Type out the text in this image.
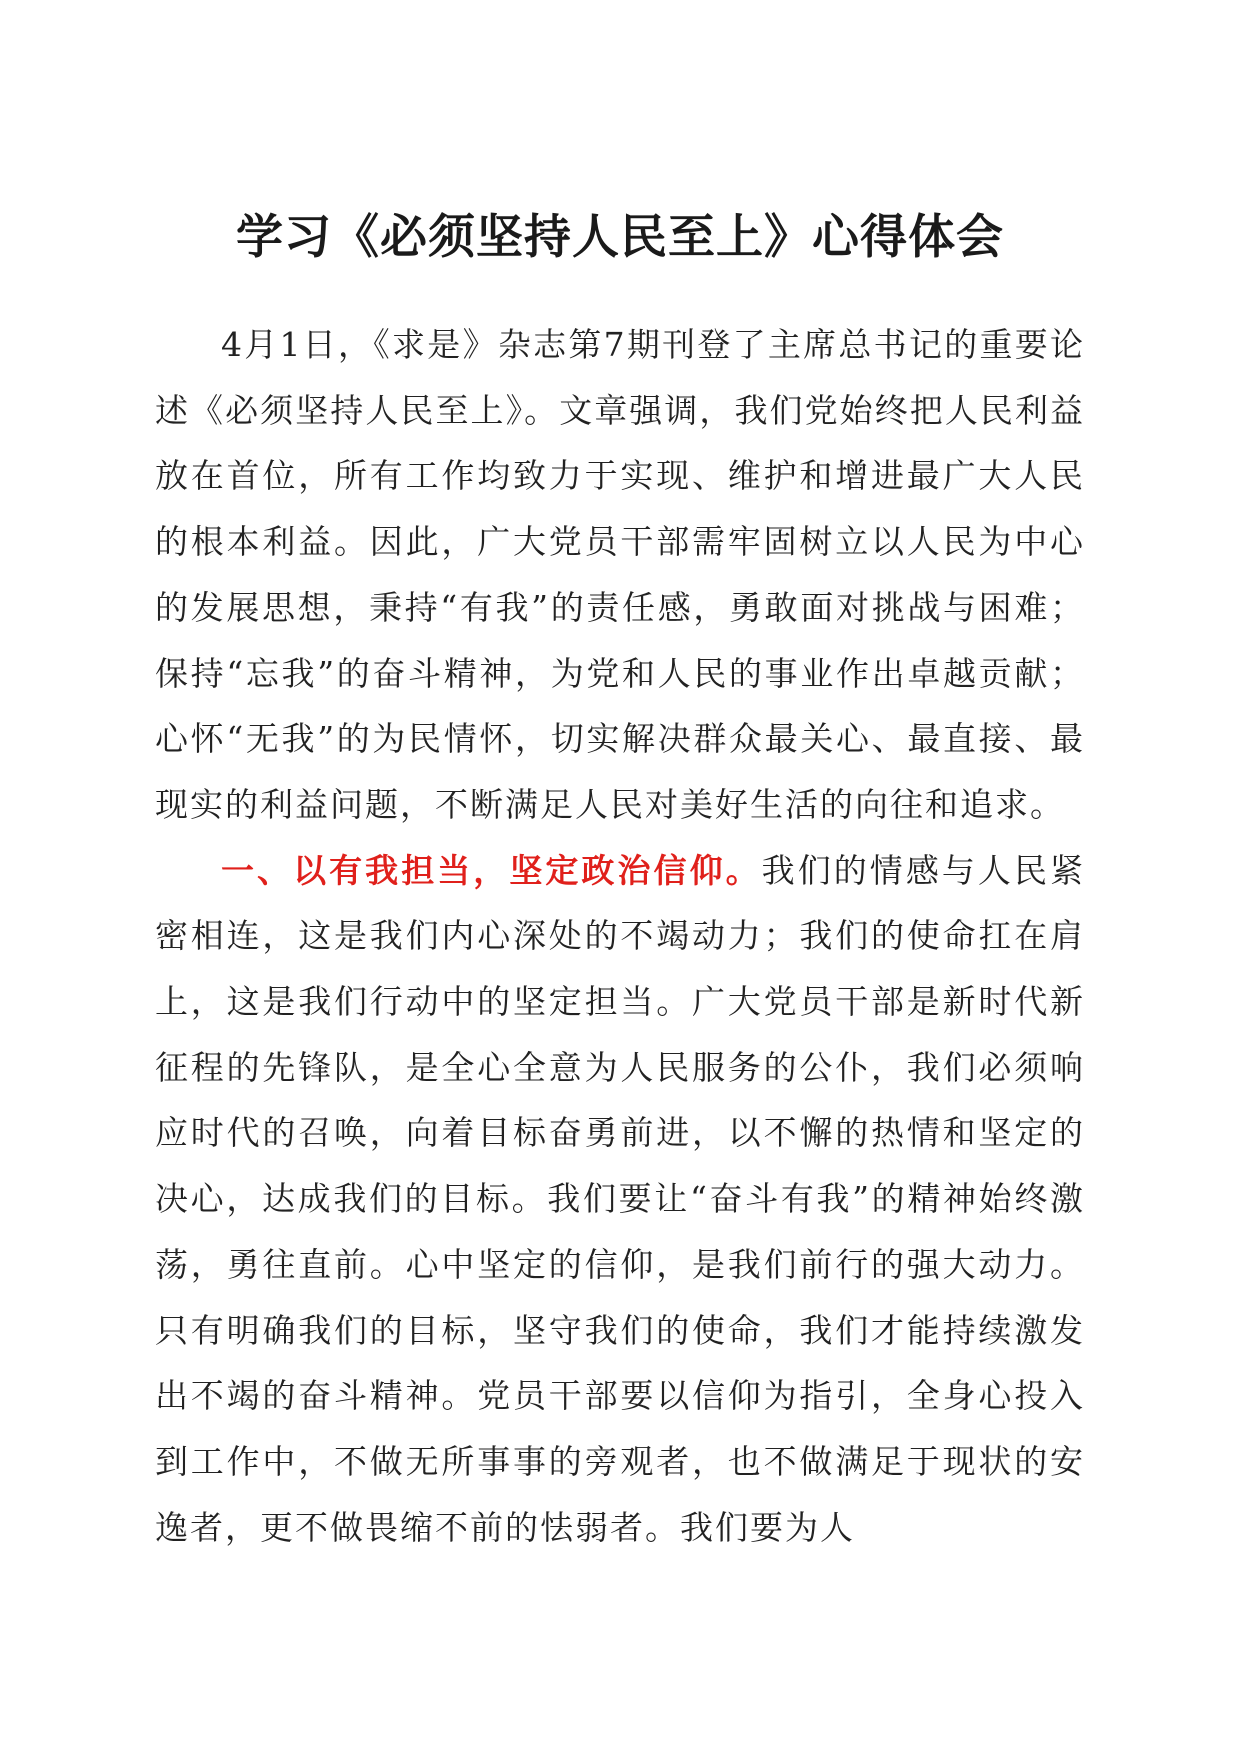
学习《必须坚持人民至上》心得体会

4月1日，《求是》杂志第7期刊登了主席总书记的重要论述《必须坚持人民至上》。文章强调，我们党始终把人民利益放在首位，所有工作均致力于实现、维护和增进最广大人民的根本利益。因此，广大党员干部需牢固树立以人民为中心的发展思想，秉持“有我”的责任感，勇敢面对挑战与困难；保持“忘我”的奋斗精神，为党和人民的事业作出卓越贡献；心怀“无我”的为民情怀，切实解决群众最关心、最直接、最现实的利益问题，不断满足人民对美好生活的向往和追求。

一、以有我担当，坚定政治信仰。我们的情感与人民紧密相连，这是我们内心深处的不竭动力；我们的使命扛在肩上，这是我们行动中的坚定担当。广大党员干部是新时代新征程的先锋队，是全心全意为人民服务的公仆，我们必须响应时代的召唤，向着目标奋勇前进，以不懈的热情和坚定的决心，达成我们的目标。我们要让“奋斗有我”的精神始终激荡，勇往直前。心中坚定的信仰，是我们前行的强大动力。只有明确我们的目标，坚守我们的使命，我们才能持续激发出不竭的奋斗精神。党员干部要以信仰为指引，全身心投入到工作中，不做无所事事的旁观者，也不做满足于现状的安逸者，更不做畏缩不前的怯弱者。我们要为人
